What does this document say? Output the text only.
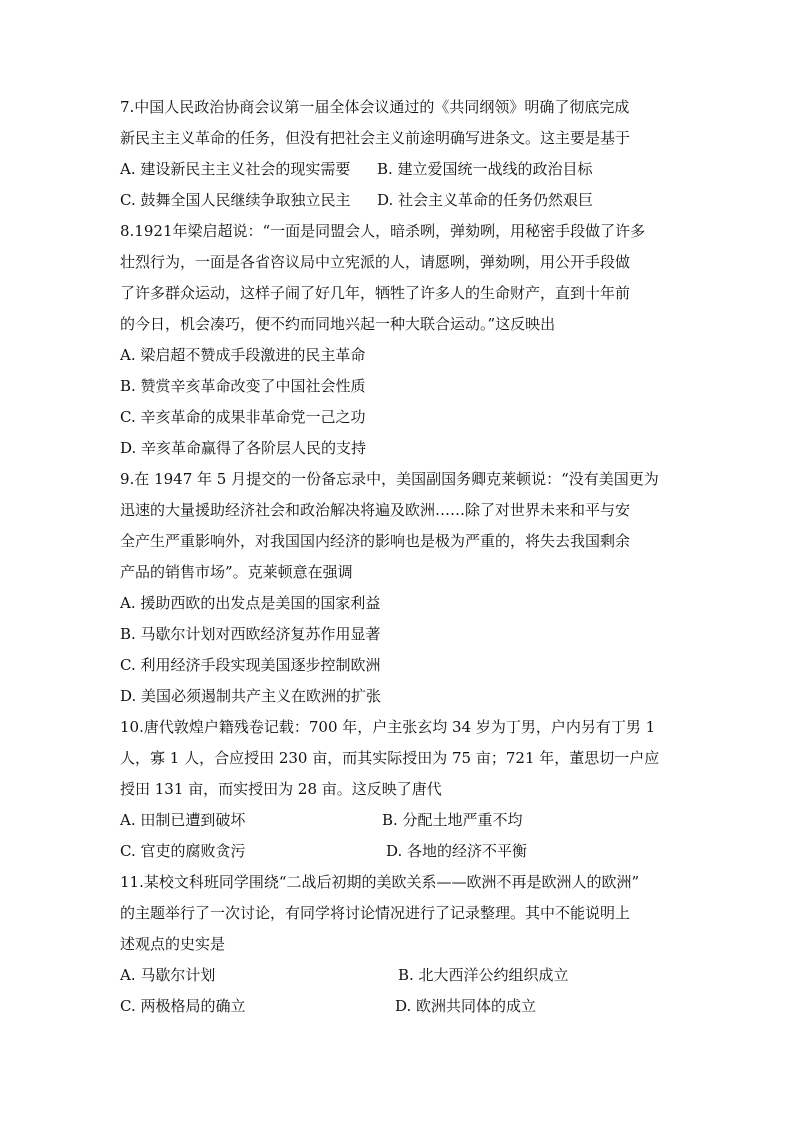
7.中国人民政治协商会议第一届全体会议通过的《共同纲领》明确了彻底完成
新民主主义革命的任务，但没有把社会主义前途明确写进条文。这主要是基于
A. 建设新民主主义社会的现实需要 B. 建立爱国统一战线的政治目标
C. 鼓舞全国人民继续争取独立民主 D. 社会主义革命的任务仍然艰巨
8.1921年梁启超说：“一面是同盟会人，暗杀咧，弹劾咧，用秘密手段做了许多
壮烈行为，一面是各省咨议局中立宪派的人，请愿咧，弹劾咧，用公开手段做
了许多群众运动，这样子闹了好几年，牺牲了许多人的生命财产，直到十年前
的今日，机会凑巧，便不约而同地兴起一种大联合运动。”这反映出
A. 梁启超不赞成手段激进的民主革命
B. 赞赏辛亥革命改变了中国社会性质
C. 辛亥革命的成果非革命党一己之功
D. 辛亥革命赢得了各阶层人民的支持
9.在 1947 年 5 月提交的一份备忘录中，美国副国务卿克莱顿说：“没有美国更为
迅速的大量援助经济社会和政治解决将遍及欧洲……除了对世界未来和平与安
全产生严重影响外，对我国国内经济的影响也是极为严重的，将失去我国剩余
产品的销售市场”。克莱顿意在强调
A. 援助西欧的出发点是美国的国家利益
B. 马歇尔计划对西欧经济复苏作用显著
C. 利用经济手段实现美国逐步控制欧洲
D. 美国必须遏制共产主义在欧洲的扩张
10.唐代敦煌户籍残卷记载：700 年，户主张玄均 34 岁为丁男，户内另有丁男 1
人，寡 1 人，合应授田 230 亩，而其实际授田为 75 亩；721 年，董思切一户应
授田 131 亩，而实授田为 28 亩。这反映了唐代
A. 田制已遭到破坏	B. 分配土地严重不均
C. 官吏的腐败贪污	D. 各地的经济不平衡
11.某校文科班同学围绕“二战后初期的美欧关系——欧洲不再是欧洲人的欧洲”
的主题举行了一次讨论，有同学将讨论情况进行了记录整理。其中不能说明上
述观点的史实是
A. 马歇尔计划	B. 北大西洋公约组织成立
C. 两极格局的确立	D. 欧洲共同体的成立
